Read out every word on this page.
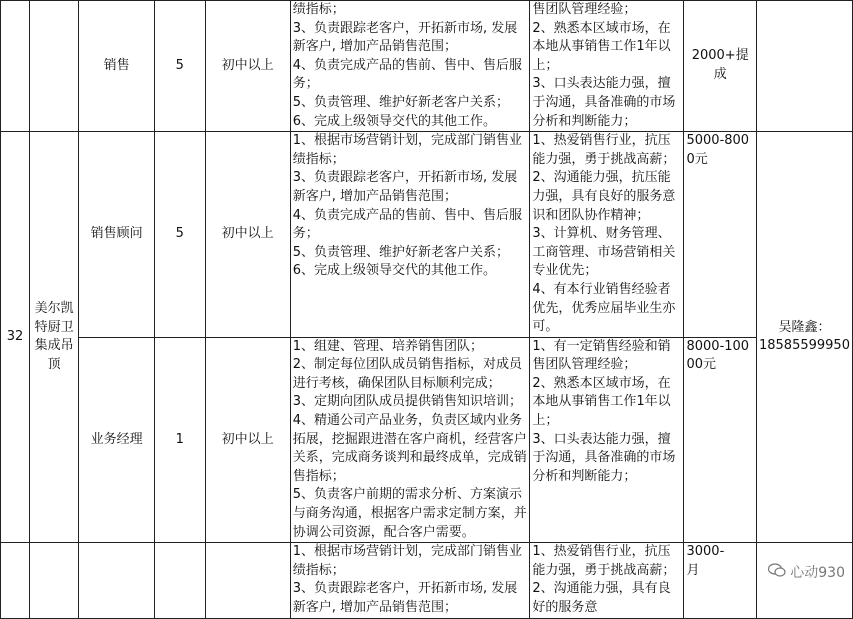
		销售	5	初中以上	绩指标；
3、负责跟踪老客户，开拓新市场, 发展新客户, 增加产品销售范围；
4、负责完成产品的售前、售中、售后服务；
5、负责管理、维护好新老客户关系；
6、完成上级领导交代的其他工作。	售团队管理经验；
2、熟悉本区域市场，在本地从事销售工作1年以上；
3、口头表达能力强，擅于沟通，具备准确的市场分析和判断能力；	2000+提成	
32	美尔凯特厨卫集成吊顶	销售顾问	5	初中以上	1、根据市场营销计划，完成部门销售业绩指标；
3、负责跟踪老客户，开拓新市场, 发展新客户, 增加产品销售范围；
4、负责完成产品的售前、售中、售后服务；
5、负责管理、维护好新老客户关系；
6、完成上级领导交代的其他工作。	1、热爱销售行业，抗压能力强，勇于挑战高薪；
2、沟通能力强，抗压能力强，具有良好的服务意识和团队协作精神；
3、计算机、财务管理、工商管理、市场营销相关专业优先；
4、有本行业销售经验者优先，优秀应届毕业生亦可。	5000-8000元	吴隆鑫：18585599950
		业务经理	1	初中以上	1、组建、管理、培养销售团队；
2、制定每位团队成员销售指标，对成员进行考核，确保团队目标顺利完成；
3、定期向团队成员提供销售知识培训；
4、精通公司产品业务，负责区域内业务拓展，挖掘跟进潜在客户商机，经营客户关系，完成商务谈判和最终成单，完成销售指标；
5、负责客户前期的需求分析、方案演示与商务沟通，根据客户需求定制方案，并协调公司资源，配合客户需要。	1、有一定销售经验和销售团队管理经验；
2、熟悉本区域市场，在本地从事销售工作1年以上；
3、口头表达能力强，擅于沟通，具备准确的市场分析和判断能力；	8000-10000元	
					1、根据市场营销计划，完成部门销售业绩指标；
3、负责跟踪老客户，开拓新市场, 发展新客户, 增加产品销售范围；	1、热爱销售行业，抗压能力强，勇于挑战高薪；
2、沟通能力强，具有良好的服务意	3000-
月		心动930
